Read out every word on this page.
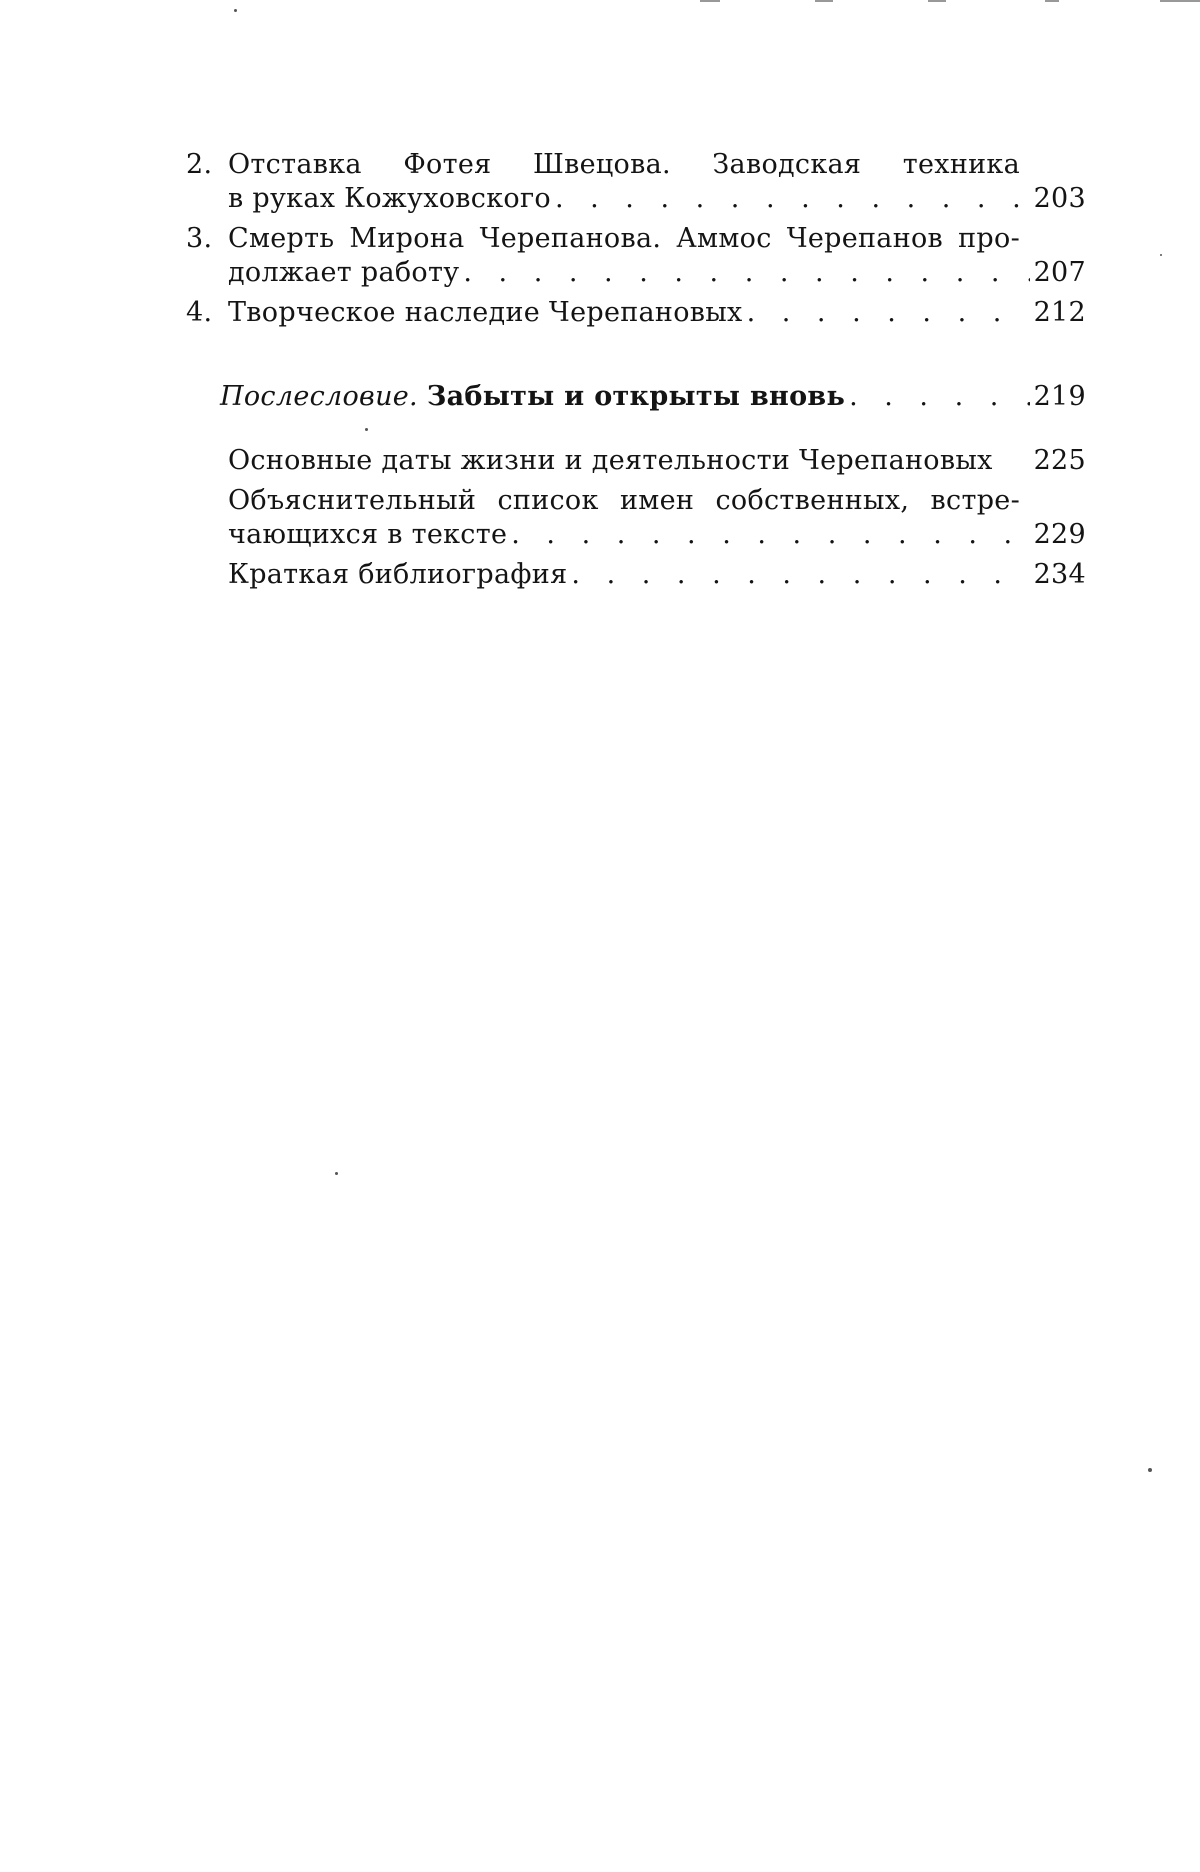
2. Отставка Фотея Швецова. Заводская техника
в руках Кожуховского . . .	203
3. Смерть Мирона Черепанова. Аммос Черепанов про-
должает работу . . .	207
4. Творческое наследие Черепановых . . .	212
Послесловие.
Забыты и открыты вновь . . .	219
Основные даты жизни и деятельности Черепановых 225
Объяснительный список имен собственных, встре-
чающихся в тексте . . .	229
Краткая библиография . . .	234
